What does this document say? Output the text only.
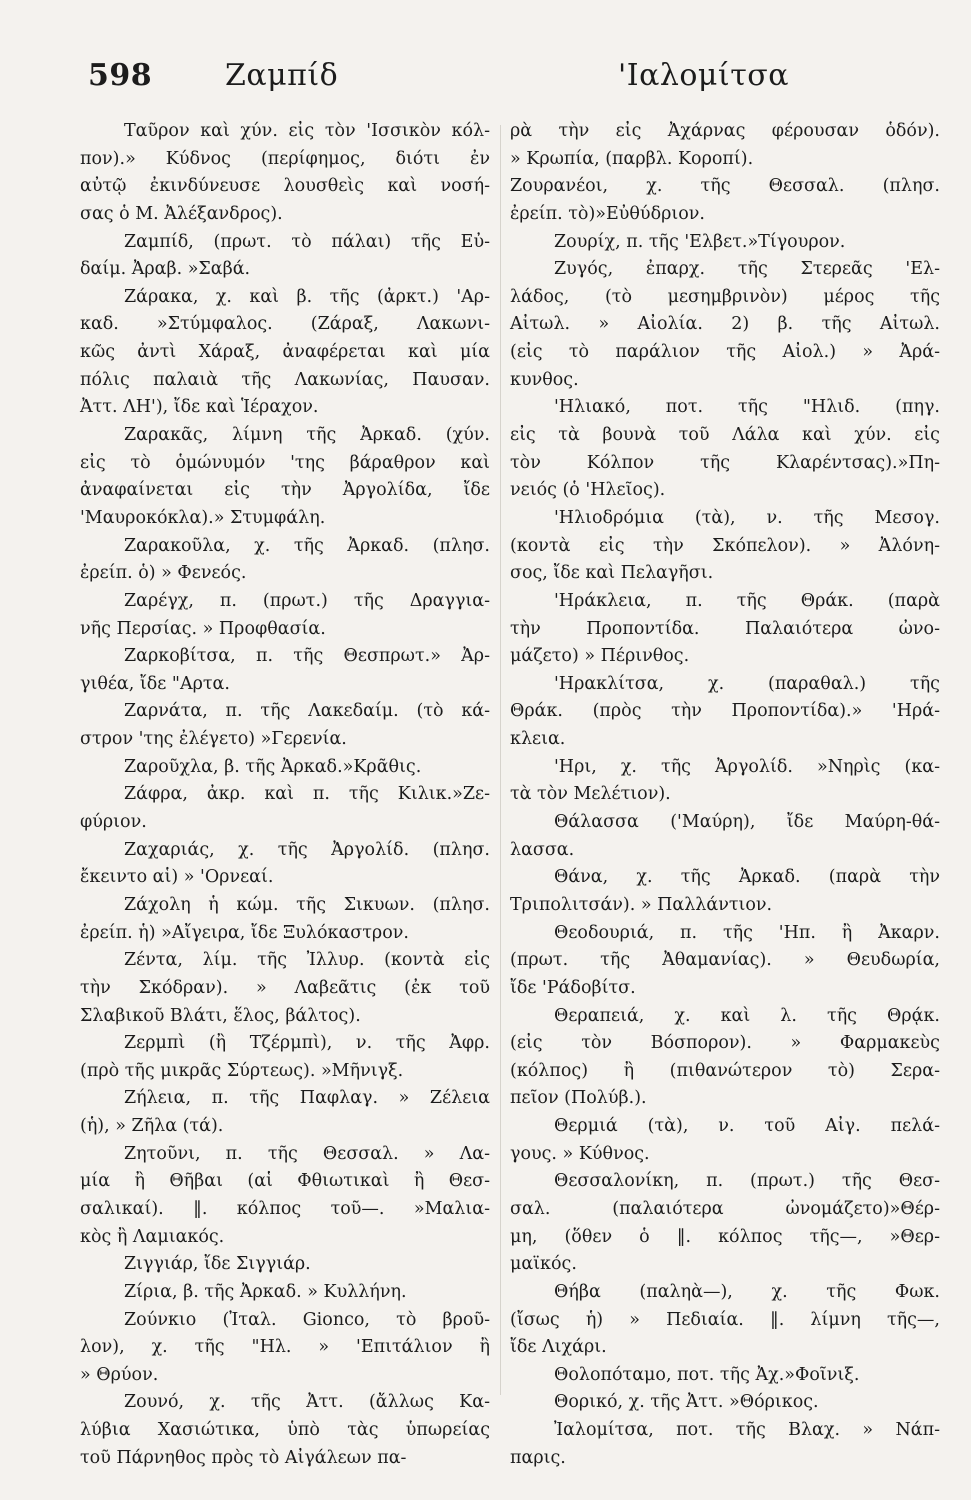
598 Ζαμπίδ	'Ιαλομίτσα
Ταῦρον καὶ χύν. εἰς τὸν 'Ισσικὸν κόλ-
πον).» Κύδνος (περίφημος, διότι ἐν
αὐτῷ ἐκινδύνευσε λουσθεὶς καὶ νοσή-
σας ὁ Μ. Ἀλέξανδρος).
Ζαμπίδ, (πρωτ. τὸ πάλαι) τῆς Εὐ-
δαίμ. Ἀραβ. »Σαβά.
Ζάρακα, χ. καὶ β. τῆς (ἀρκτ.) 'Αρ-
καδ. »Στύμφαλος. (Ζάραξ, Λακωνι-
κῶς ἀντὶ Χάραξ, ἀναφέρεται καὶ μία
πόλις παλαιὰ τῆς Λακωνίας, Παυσαν.
Ἀττ. ΛΗ'), ἴδε καὶ Ἱέραχον.
Ζαρακᾶς, λίμνη τῆς Ἀρκαδ. (χύν.
εἰς τὸ ὁμώνυμόν 'της βάραθρον καὶ
ἀναφαίνεται εἰς τὴν Ἀργολίδα, ἴδε
'Μαυροκόκλα).» Στυμφάλη.
Ζαρακοῦλα, χ. τῆς Ἀρκαδ. (πλησ.
ἐρείπ. ὁ) » Φενεός.
Ζαρέγχ, π. (πρωτ.) τῆς Δραγγια-
νῆς Περσίας. » Προφθασία.
Ζαρκοβίτσα, π. τῆς Θεσπρωτ.» Ἀρ-
γιθέα, ἴδε "Αρτα.
Ζαρνάτα, π. τῆς Λακεδαίμ. (τὸ κά-
στρον 'της ἐλέγετο) »Γερενία.
Ζαροῦχλα, β. τῆς Ἀρκαδ.»Κρᾶθις.
Ζάφρα, ἀκρ. καὶ π. τῆς Κιλικ.»Ζε-
φύριον.
Ζαχαριάς, χ. τῆς Ἀργολίδ. (πλησ.
ἔκειντο αἱ) » 'Ορνεαί.
Ζάχολη ἡ κώμ. τῆς Σικυων. (πλησ.
ἐρείπ. ἡ) »Αἴγειρα, ἴδε Ξυλόκαστρον.
Ζέντα, λίμ. τῆς Ἰλλυρ. (κοντὰ εἰς
τὴν Σκόδραν). » Λαβεᾶτις (ἐκ τοῦ
Σλαβικοῦ Βλάτι, ἕλος, βάλτος).
Ζερμπὶ (ἢ Τζέρμπὶ), ν. τῆς Ἀφρ.
(πρὸ τῆς μικρᾶς Σύρτεως). »Μῆνιγξ.
Ζήλεια, π. τῆς Παφλαγ. » Ζέλεια
(ἡ), » Ζῆλα (τά).
Ζητοῦνι, π. τῆς Θεσσαλ. » Λα-
μία ἢ Θῆβαι (αἱ Φθιωτικαὶ ἢ Θεσ-
σαλικαί). ‖. κόλπος τοῦ—. »Μαλια-
κὸς ἢ Λαμιακός.
Ζιγγιάρ, ἴδε Σιγγιάρ.
Ζίρια, β. τῆς Ἀρκαδ. » Κυλλήνη.
Ζούνκιο (Ἰταλ. Gionco, τὸ βροῦ-
λον), χ. τῆς "Ηλ. » 'Επιτάλιον ἢ
» Θρύον.
Ζουνό, χ. τῆς Ἀττ. (ἄλλως Κα-
λύβια Χασιώτικα, ὑπὸ τὰς ὑπωρείας
τοῦ Πάρνηθος πρὸς τὸ Αἰγάλεων πα-
ρὰ τὴν εἰς Ἀχάρνας φέρουσαν ὁδόν).
» Κρωπία, (παρβλ. Κοροπί).
Ζουρανέοι, χ. τῆς Θεσσαλ. (πλησ.
ἐρείπ. τὸ)»Εὐθύδριον.
Ζουρίχ, π. τῆς 'Ελβετ.»Τίγουρον.
Ζυγός, ἐπαρχ. τῆς Στερεᾶς 'Ελ-
λάδος, (τὸ μεσημβρινὸν) μέρος τῆς
Αἰτωλ. » Αἰολία. 2) β. τῆς Αἰτωλ.
(εἰς τὸ παράλιον τῆς Αἰολ.) » Ἀρά-
κυνθος.
'Ηλιακό, ποτ. τῆς "Ηλιδ. (πηγ.
εἰς τὰ βουνὰ τοῦ Λάλα καὶ χύν. εἰς
τὸν Κόλπον τῆς Κλαρέντσας).»Πη-
νειός (ὁ 'Ηλεῖος).
'Ηλιοδρόμια (τὰ), ν. τῆς Μεσογ.
(κοντὰ εἰς τὴν Σκόπελον). » Ἀλόνη-
σος, ἴδε καὶ Πελαγῆσι.
'Ηράκλεια, π. τῆς Θράκ. (παρὰ
τὴν Προποντίδα. Παλαιότερα ὠνο-
μάζετο) » Πέρινθος.
'Ηρακλίτσα, χ. (παραθαλ.) τῆς
Θράκ. (πρὸς τὴν Προποντίδα).» 'Ηρά-
κλεια.
'Ηρι, χ. τῆς Ἀργολίδ. »Νηρὶς (κα-
τὰ τὸν Μελέτιον).
Θάλασσα ('Μαύρη), ἴδε Μαύρη-θά-
λασσα.
Θάνα, χ. τῆς Ἀρκαδ. (παρὰ τὴν
Τριπολιτσάν). » Παλλάντιον.
Θεοδουριά, π. τῆς 'Ηπ. ἢ Ἀκαρν.
(πρωτ. τῆς Ἀθαμανίας). » Θευδωρία,
ἴδε 'Ράδοβίτσ.
Θεραπειά, χ. καὶ λ. τῆς Θρᾴκ.
(εἰς τὸν Βόσπορον). » Φαρμακεὺς
(κόλπος) ἢ (πιθανώτερον τὸ) Σερα-
πεῖον (Πολύβ.).
Θερμιά (τὰ), ν. τοῦ Αἰγ. πελά-
γους. » Κύθνος.
Θεσσαλονίκη, π. (πρωτ.) τῆς Θεσ-
σαλ. (παλαιότερα ὠνομάζετο)»Θέρ-
μη, (ὅθεν ὁ ‖. κόλπος τῆς—, »Θερ-
μαϊκός.
Θήβα (παληὰ—), χ. τῆς Φωκ.
(ἴσως ἡ) » Πεδιαία. ‖. λίμνη τῆς—,
ἴδε Λιχάρι.
Θολοπόταμο, ποτ. τῆς Ἀχ.»Φοῖνιξ.
Θορικό, χ. τῆς Ἀττ. »Θόρικος.
Ἰαλομίτσα, ποτ. τῆς Βλαχ. » Νάπ-
παρις.
